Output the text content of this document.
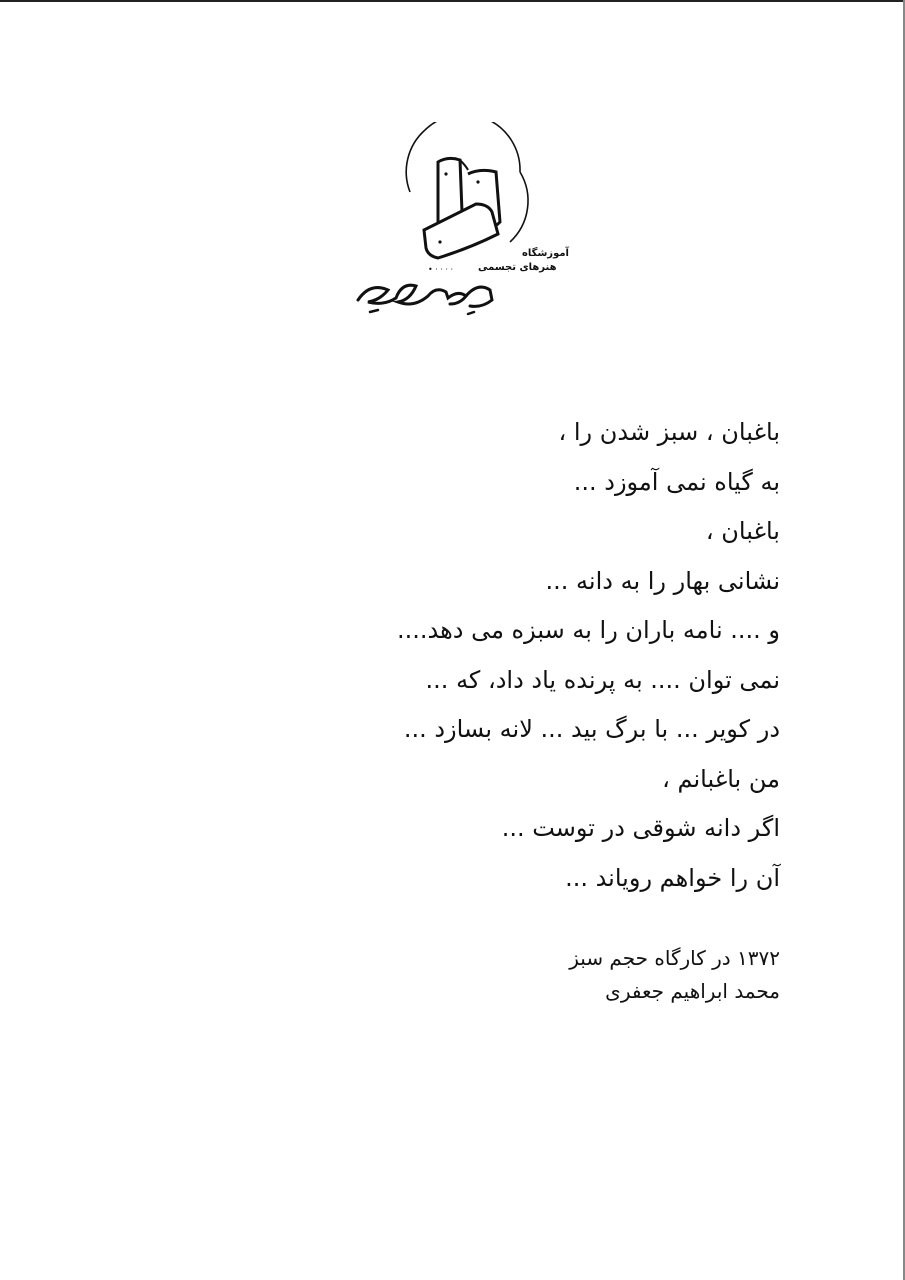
• · · · ·
آموزشگاه
هنرهای تجسمی
باغبان ، سبز شدن را ،
به گیاه نمی آموزد ...
باغبان ،
نشانی بهار را به دانه ...
و .... نامه باران را به سبزه می دهد....
نمی توان .... به پرنده یاد داد، که ...
در کویر ... با برگ بید ... لانه بسازد ...
من باغبانم ،
اگر دانه شوقی در توست ...
آن را خواهم رویاند ...
۱۳۷۲ در کارگاه حجم سبز
محمد ابراهیم جعفری
